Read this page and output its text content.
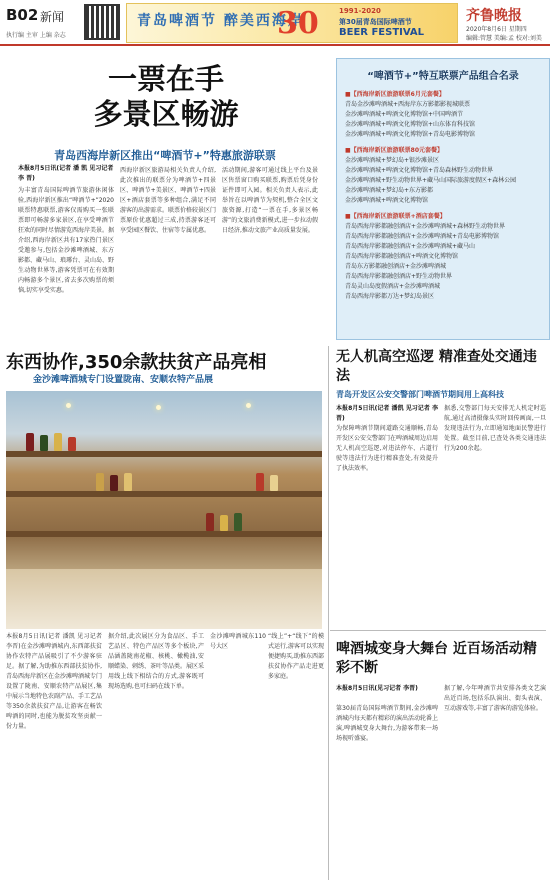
B02 新闻
执行编 主审 上编 杂志
青岛啤酒节 醉美西海岸
30	1991-2020
第30届青岛国际啤酒节
BEER FESTIVAL
齐鲁晚报
2020年8月6日 星期四
编辑:管慧 美编:孟 校对:刘美
一票在手
多景区畅游
青岛西海岸新区推出“啤酒节+”特惠旅游联票
本报8月5日讯(记者 潘 凯 见习记者 李 晋)
为丰富青岛国际啤酒节旅游休闲体验,西海岸新区推出“啤酒节+”2020联票特惠联票,游客仅需购买一张联票即可畅游多家景区,在享受啤酒节狂欢的同时尽情游览西海岸美景。据介绍,西海岸新区共有17家热门景区受邀参与,包括金沙滩啤酒城、东方影都、藏马山、琅琊台、灵山岛、野生动物世界等,游客凭票可在有效期内畅游多个景区,省去多次购票的烦恼,切实享受实惠。
西海岸新区旅游局相关负责人介绍,此次推出的联票分为啤酒节+四景区、啤酒节+美景区、啤酒节+四景区+酒店套票等多种组合,满足不同游客的出游需求。联票价格较景区门票原价优惠超过三成,持票游客还可享受园区餐饮、住宿等专属优惠。
活动期间,游客可通过线上平台及景区售票窗口购买联票,购票后凭身份证件即可入园。相关负责人表示,此举旨在以啤酒节为契机,整合全区文旅资源,打造“一票在手,多景区畅游”的文旅消费新模式,进一步拉动假日经济,推动文旅产业高质量发展。
“啤酒节+”特互联票产品组合名录
■【西海岸新区旅游联票6月元套餐】
青岛金沙滩啤酒城+西海岸东方影都影视城联票
金沙滩啤酒城+啤酒文化博物馆+中国啤酒节
金沙滩啤酒城+啤酒文化博物馆+山东体育科技馆
金沙滩啤酒城+啤酒文化博物馆+青岛电影博物馆
■【西海岸新区旅游联票80元套餐】
金沙滩啤酒城+梦幻岛+银沙滩景区
金沙滩啤酒城+啤酒文化博物馆+青岛森林野生动物世界
金沙滩啤酒城+野生动物世界+藏马山国际旅游度假区+森林公园
金沙滩啤酒城+梦幻岛+东方影都
金沙滩啤酒城+啤酒文化博物馆
■【西海岸新区旅游联票+酒店套餐】
青岛西海岸影都融创酒店+金沙滩啤酒城+森林野生动物世界
青岛西海岸影都融创酒店+金沙滩啤酒城+青岛电影博物馆
青岛西海岸影都融创酒店+金沙滩啤酒城+藏马山
青岛西海岸影都融创酒店+啤酒文化博物馆
青岛东方影都融创酒店+金沙滩啤酒城
青岛西海岸影都融创酒店+野生动物世界
青岛灵山岛度假酒店+金沙滩啤酒城
青岛西海岸影都万达+梦幻岛景区
东西协作,350余款扶贫产品亮相
金沙滩啤酒城专门设置陇南、安顺农特产品展
本报8月5日讯(记者 潘凯 见习记者 李晋)在金沙滩啤酒城内,东西部扶贫协作农特产品展吸引了不少游客驻足。据了解,为助推东西部扶贫协作,青岛西海岸新区在金沙滩啤酒城专门设置了陇南、安顺农特产品展区,集中展示当地特色农副产品、手工艺品等350余款扶贫产品,让游客在畅饮啤酒的同时,也能为脱贫攻坚贡献一份力量。
据介绍,此次展区分为食品区、手工艺品区、特色产品区等多个板块,产品涵盖陇南花椒、核桃、橄榄油,安顺蜡染、刺绣、茶叶等品类。展区采用线上线下相结合的方式,游客既可现场选购,也可扫码在线下单。
金沙滩啤酒城东110号大区
“线上”+“线下”的模式运行,游客可以实现便捷购买,助推东西部扶贫协作产品走进更多家庭。
无人机高空巡逻 精准查处交通违法
青岛开发区公安交警部门啤酒节期间用上高科技
本报8月5日讯(记者 潘凯 见习记者 李晋)
为保障啤酒节期间道路交通顺畅,青岛开发区公安交警部门在啤酒城周边启用无人机高空巡逻,对违法停车、占道行驶等违法行为进行精准查处,有效提升了执法效率。
据悉,交警部门每天安排无人机定时巡航,通过高清摄像头实时回传画面,一旦发现违法行为,立即通知地面民警进行处置。截至目前,已查处各类交通违法行为200余起。
啤酒城变身大舞台 近百场活动精彩不断
本报8月5日讯(见习记者 李晋)
第30届青岛国际啤酒节期间,金沙滩啤酒城内每天都有精彩的演出活动轮番上演,啤酒城变身大舞台,为游客带来一场场视听盛宴。
据了解,今年啤酒节共安排各类文艺演出近百场,包括乐队演出、街头表演、互动游戏等,丰富了游客的游览体验。
